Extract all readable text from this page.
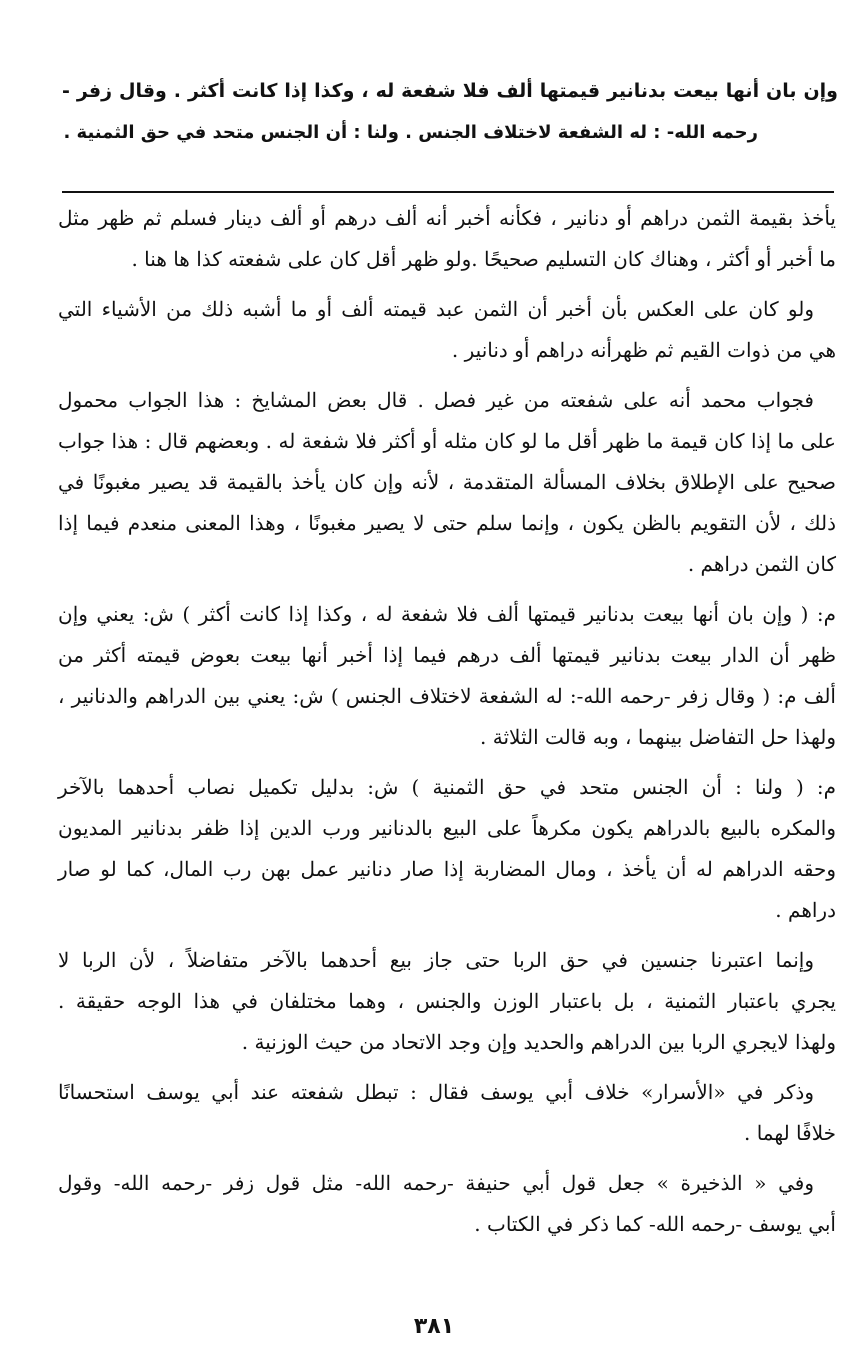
وإن بان أنها بيعت بدنانير قيمتها ألف فلا شفعة له ، وكذا إذا كانت أكثر . وقال زفر -
رحمه الله- : له الشفعة لاختلاف الجنس . ولنا : أن الجنس متحد في حق الثمنية .
يأخذ بقيمة الثمن دراهم أو دنانير ، فكأنه أخبر أنه ألف درهم أو ألف دينار فسلم ثم ظهر مثل
ما أخبر أو أكثر ، وهناك كان التسليم صحيحًا .ولو ظهر أقل كان على شفعته كذا ها هنا .
ولو كان على العكس بأن أخبر أن الثمن عبد قيمته ألف أو ما أشبه ذلك من الأشياء التي
هي من ذوات القيم ثم ظهرأنه دراهم أو دنانير .
فجواب محمد أنه على شفعته من غير فصل . قال بعض المشايخ : هذا الجواب محمول
على ما إذا كان قيمة ما ظهر أقل ما لو كان مثله أو أكثر فلا شفعة له . وبعضهم قال : هذا جواب
صحيح على الإطلاق بخلاف المسألة المتقدمة ، لأنه وإن كان يأخذ بالقيمة قد يصير مغبونًا في
ذلك ، لأن التقويم بالظن يكون ، وإنما سلم حتى لا يصير مغبونًا ، وهذا المعنى منعدم فيما إذا
كان الثمن دراهم .
م: ( وإن بان أنها بيعت بدنانير قيمتها ألف فلا شفعة له ، وكذا إذا كانت أكثر ) ش: يعني وإن
ظهر أن الدار بيعت بدنانير قيمتها ألف درهم فيما إذا أخبر أنها بيعت بعوض قيمته أكثر من
ألف م: ( وقال زفر -رحمه الله-: له الشفعة لاختلاف الجنس ) ش: يعني بين الدراهم والدنانير ،
ولهذا حل التفاضل بينهما ، وبه قالت الثلاثة .
م: ( ولنا : أن الجنس متحد في حق الثمنية ) ش: بدليل تكميل نصاب أحدهما بالآخر
والمكره بالبيع بالدراهم يكون مكرهاً على البيع بالدنانير ورب الدين إذا ظفر بدنانير المديون
وحقه الدراهم له أن يأخذ ، ومال المضاربة إذا صار دنانير عمل بهن رب المال، كما لو صار
دراهم .
وإنما اعتبرنا جنسين في حق الربا حتى جاز بيع أحدهما بالآخر متفاضلاً ، لأن الربا لا
يجري باعتبار الثمنية ، بل باعتبار الوزن والجنس ، وهما مختلفان في هذا الوجه حقيقة .
ولهذا لايجري الربا بين الدراهم والحديد وإن وجد الاتحاد من حيث الوزنية .
وذكر في «الأسرار» خلاف أبي يوسف فقال : تبطل شفعته عند أبي يوسف استحسانًا
خلافًا لهما .
وفي « الذخيرة » جعل قول أبي حنيفة -رحمه الله- مثل قول زفر -رحمه الله- وقول
أبي يوسف -رحمه الله- كما ذكر في الكتاب .
٣٨١
